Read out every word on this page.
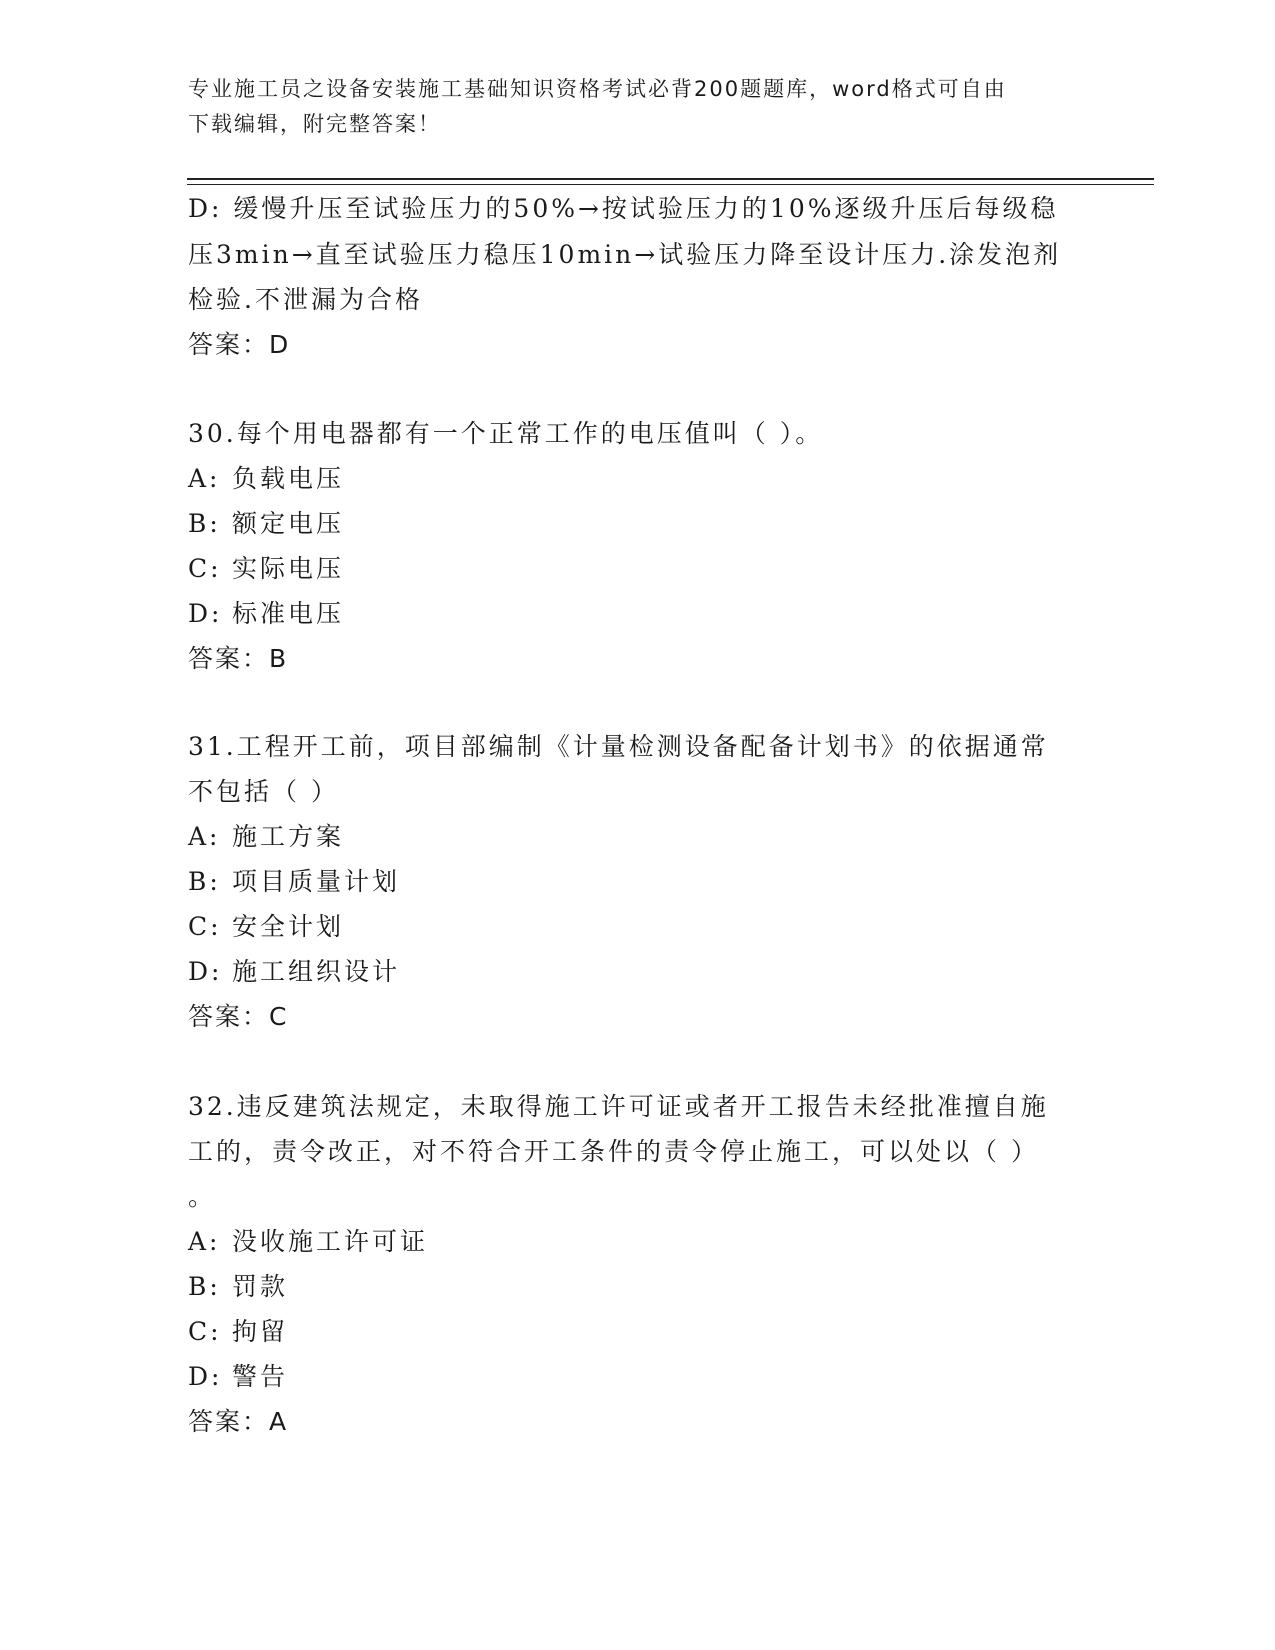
专业施工员之设备安装施工基础知识资格考试必背200题题库，word格式可自由
下载编辑，附完整答案！
D: 缓慢升压至试验压力的50%→按试验压力的10%逐级升压后每级稳
压3min→直至试验压力稳压10min→试验压力降至设计压力.涂发泡剂
检验.不泄漏为合格
答案：D
30.每个用电器都有一个正常工作的电压值叫（ ）。
A: 负载电压
B: 额定电压
C: 实际电压
D: 标准电压
答案：B
31.工程开工前，项目部编制《计量检测设备配备计划书》的依据通常
不包括（ ）
A: 施工方案
B: 项目质量计划
C: 安全计划
D: 施工组织设计
答案：C
32.违反建筑法规定，未取得施工许可证或者开工报告未经批准擅自施
工的，责令改正，对不符合开工条件的责令停止施工，可以处以（ ）
。
A: 没收施工许可证
B: 罚款
C: 拘留
D: 警告
答案：A
